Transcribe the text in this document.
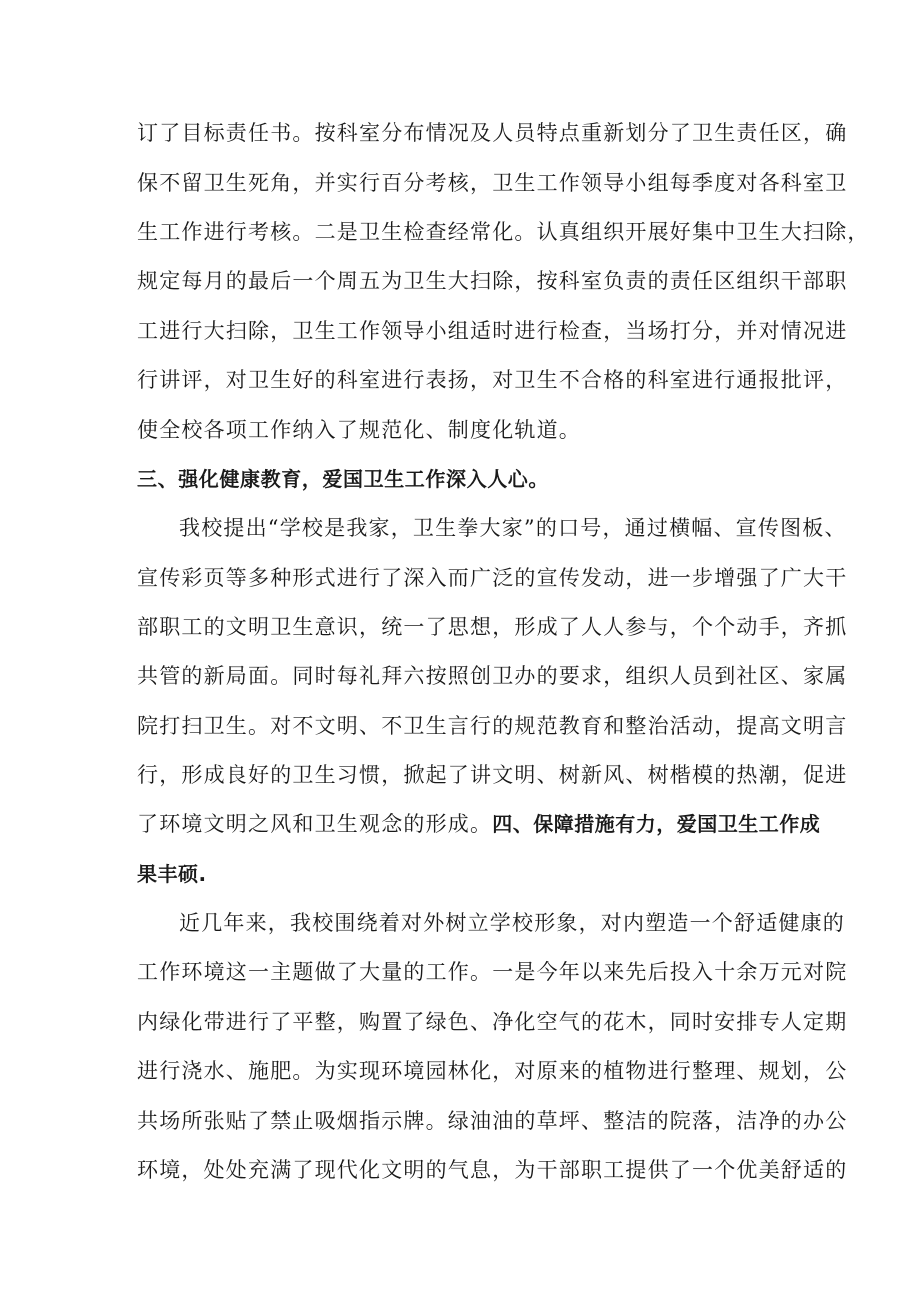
订了目标责任书。按科室分布情况及人员特点重新划分了卫生责任区，确
保不留卫生死角，并实行百分考核，卫生工作领导小组每季度对各科室卫
生工作进行考核。二是卫生检查经常化。认真组织开展好集中卫生大扫除，
规定每月的最后一个周五为卫生大扫除，按科室负责的责任区组织干部职
工进行大扫除，卫生工作领导小组适时进行检查，当场打分，并对情况进
行讲评，对卫生好的科室进行表扬，对卫生不合格的科室进行通报批评，
使全校各项工作纳入了规范化、制度化轨道。
三、强化健康教育，爱国卫生工作深入人心。
我校提出“学校是我家，卫生拳大家”的口号，通过横幅、宣传图板、
宣传彩页等多种形式进行了深入而广泛的宣传发动，进一步增强了广大干
部职工的文明卫生意识，统一了思想，形成了人人参与，个个动手，齐抓
共管的新局面。同时每礼拜六按照创卫办的要求，组织人员到社区、家属
院打扫卫生。对不文明、不卫生言行的规范教育和整治活动，提高文明言
行，形成良好的卫生习惯，掀起了讲文明、树新风、树楷模的热潮，促进
了环境文明之风和卫生观念的形成。四、保障措施有力，爱国卫生工作成
果丰硕.
近几年来，我校围绕着对外树立学校形象，对内塑造一个舒适健康的
工作环境这一主题做了大量的工作。一是今年以来先后投入十余万元对院
内绿化带进行了平整，购置了绿色、净化空气的花木，同时安排专人定期
进行浇水、施肥。为实现环境园林化，对原来的植物进行整理、规划，公
共场所张贴了禁止吸烟指示牌。绿油油的草坪、整洁的院落，洁净的办公
环境，处处充满了现代化文明的气息，为干部职工提供了一个优美舒适的
